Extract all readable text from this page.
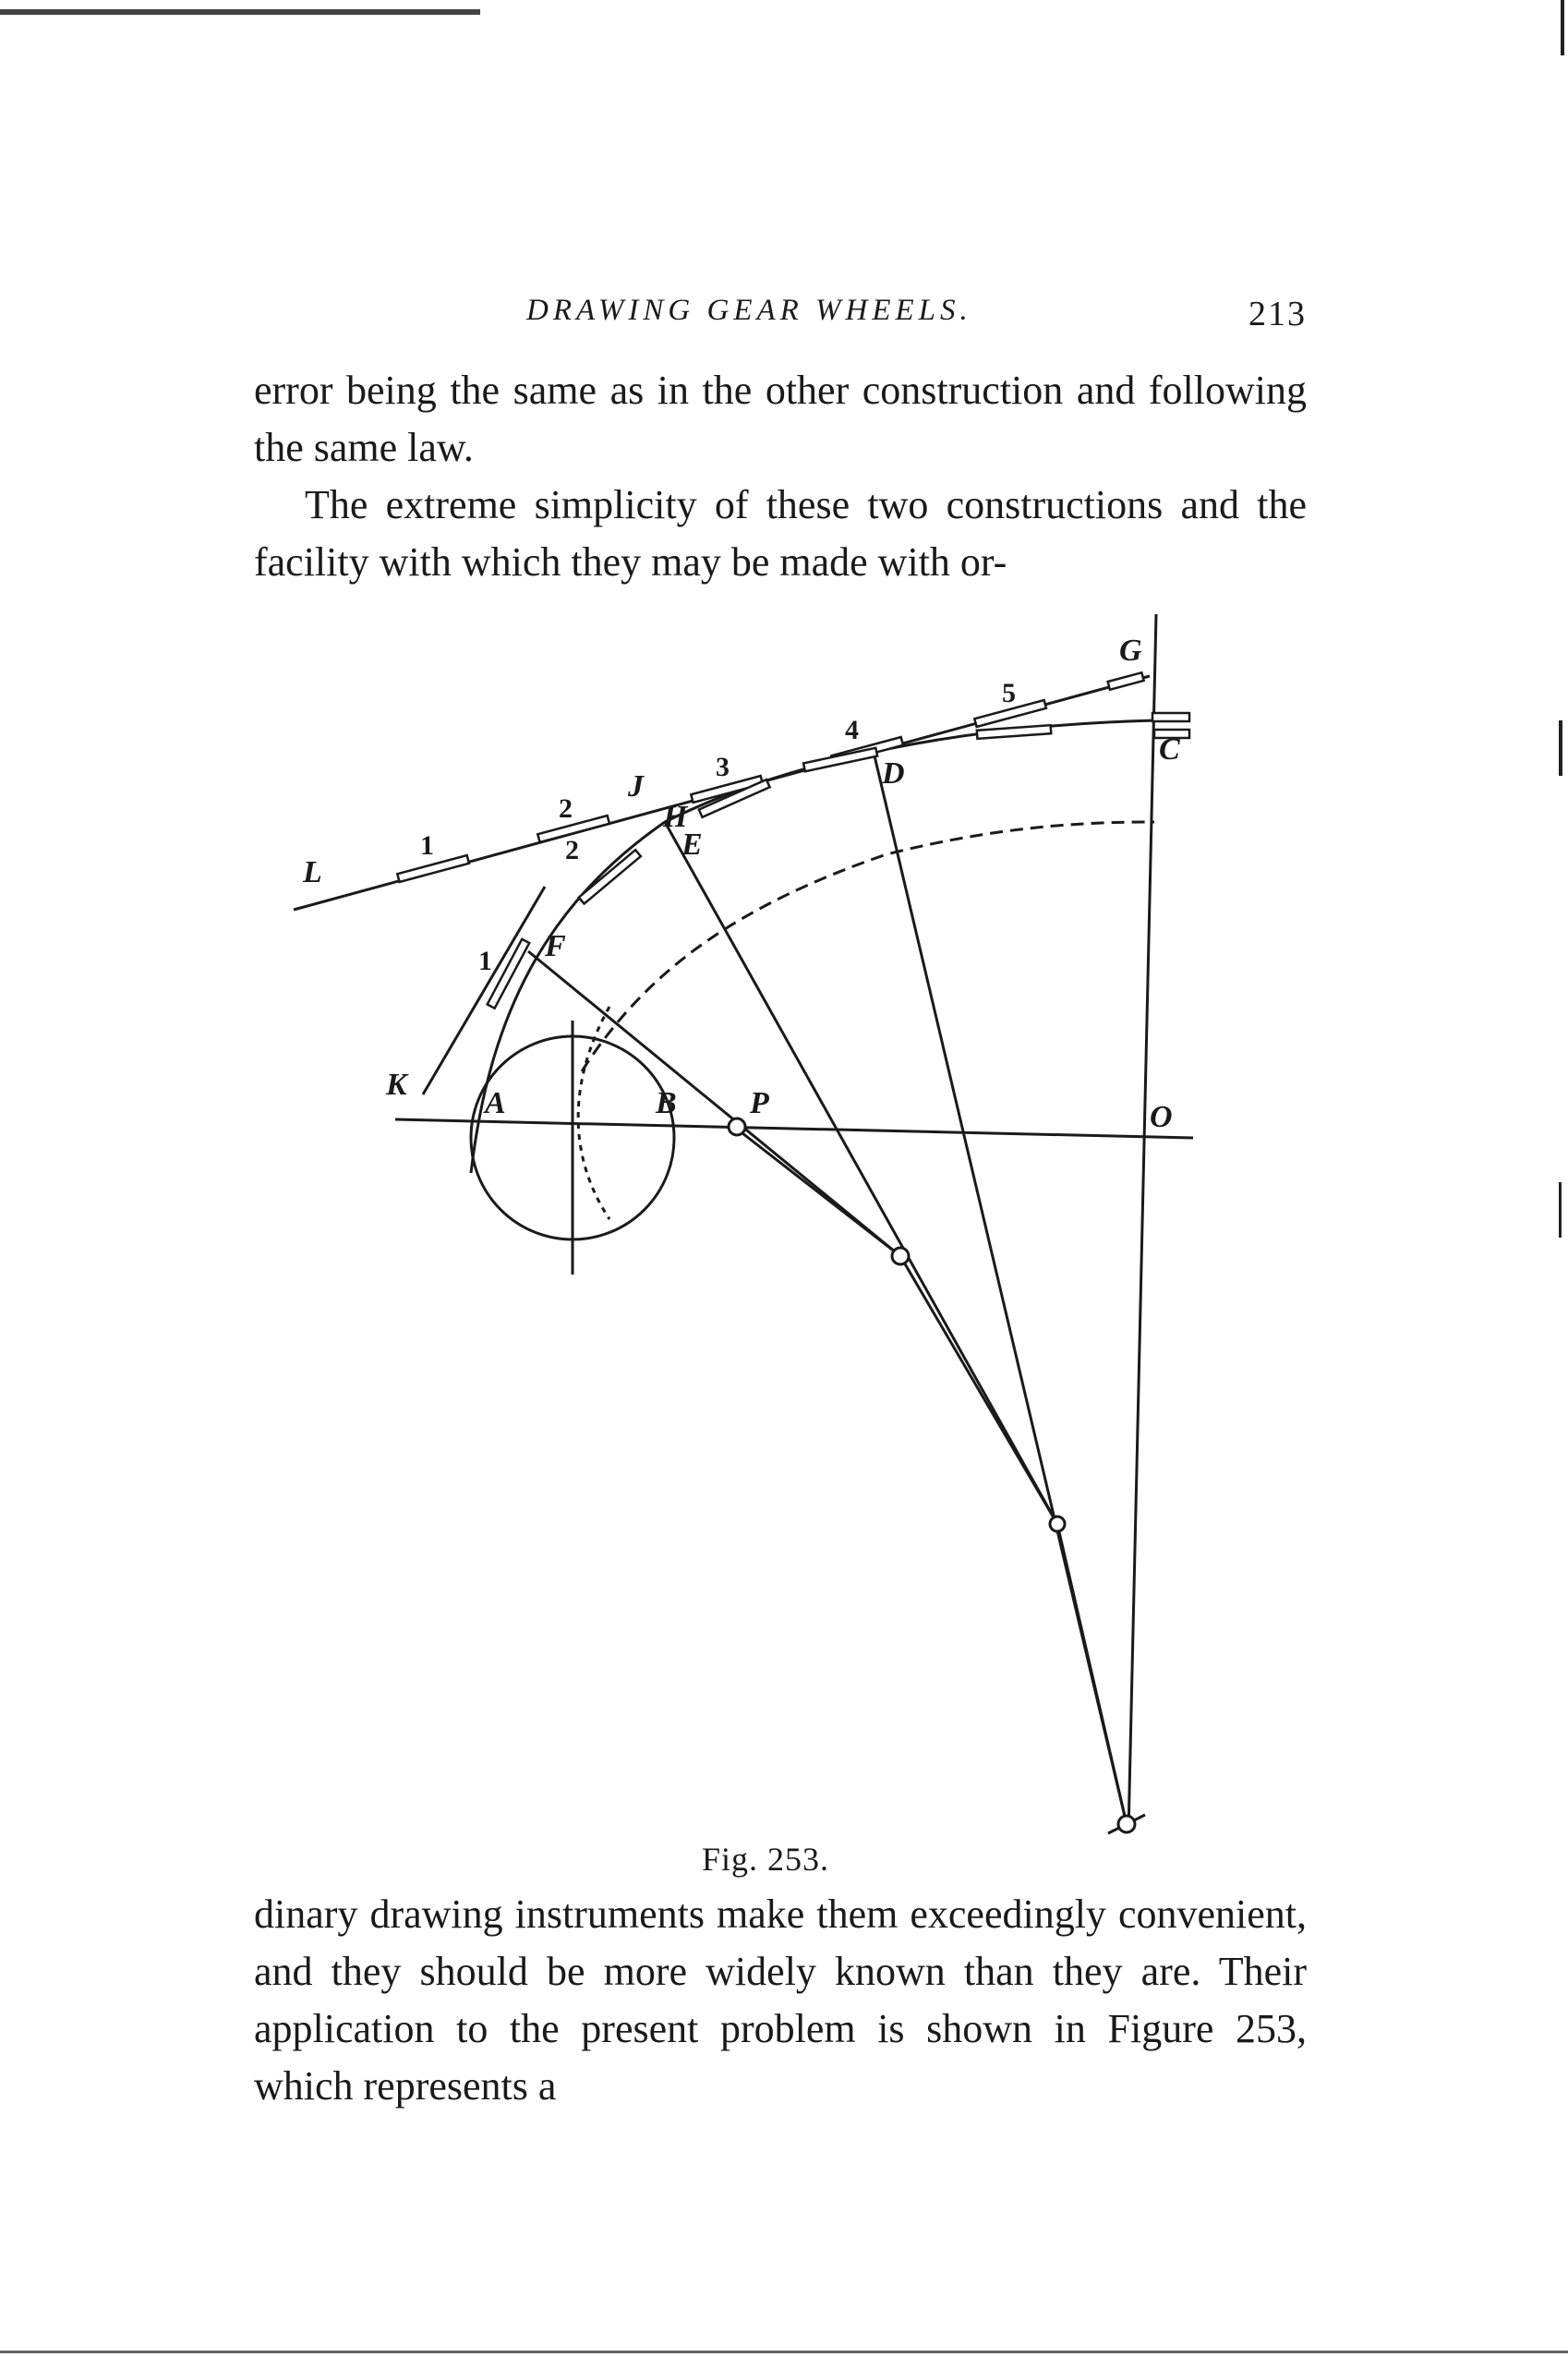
DRAWING GEAR WHEELS.	213

error being the same as in the other construction and following the same law.

The extreme simplicity of these two constructions and the facility with which they may be made with or-

G
C
D
E
F
H
J
K
L
A	B P	O
1
2
3
4
5
2
1
Fig. 253.

dinary drawing instruments make them exceedingly convenient, and they should be more widely known than they are. Their application to the present problem is shown in Figure 253, which represents a
